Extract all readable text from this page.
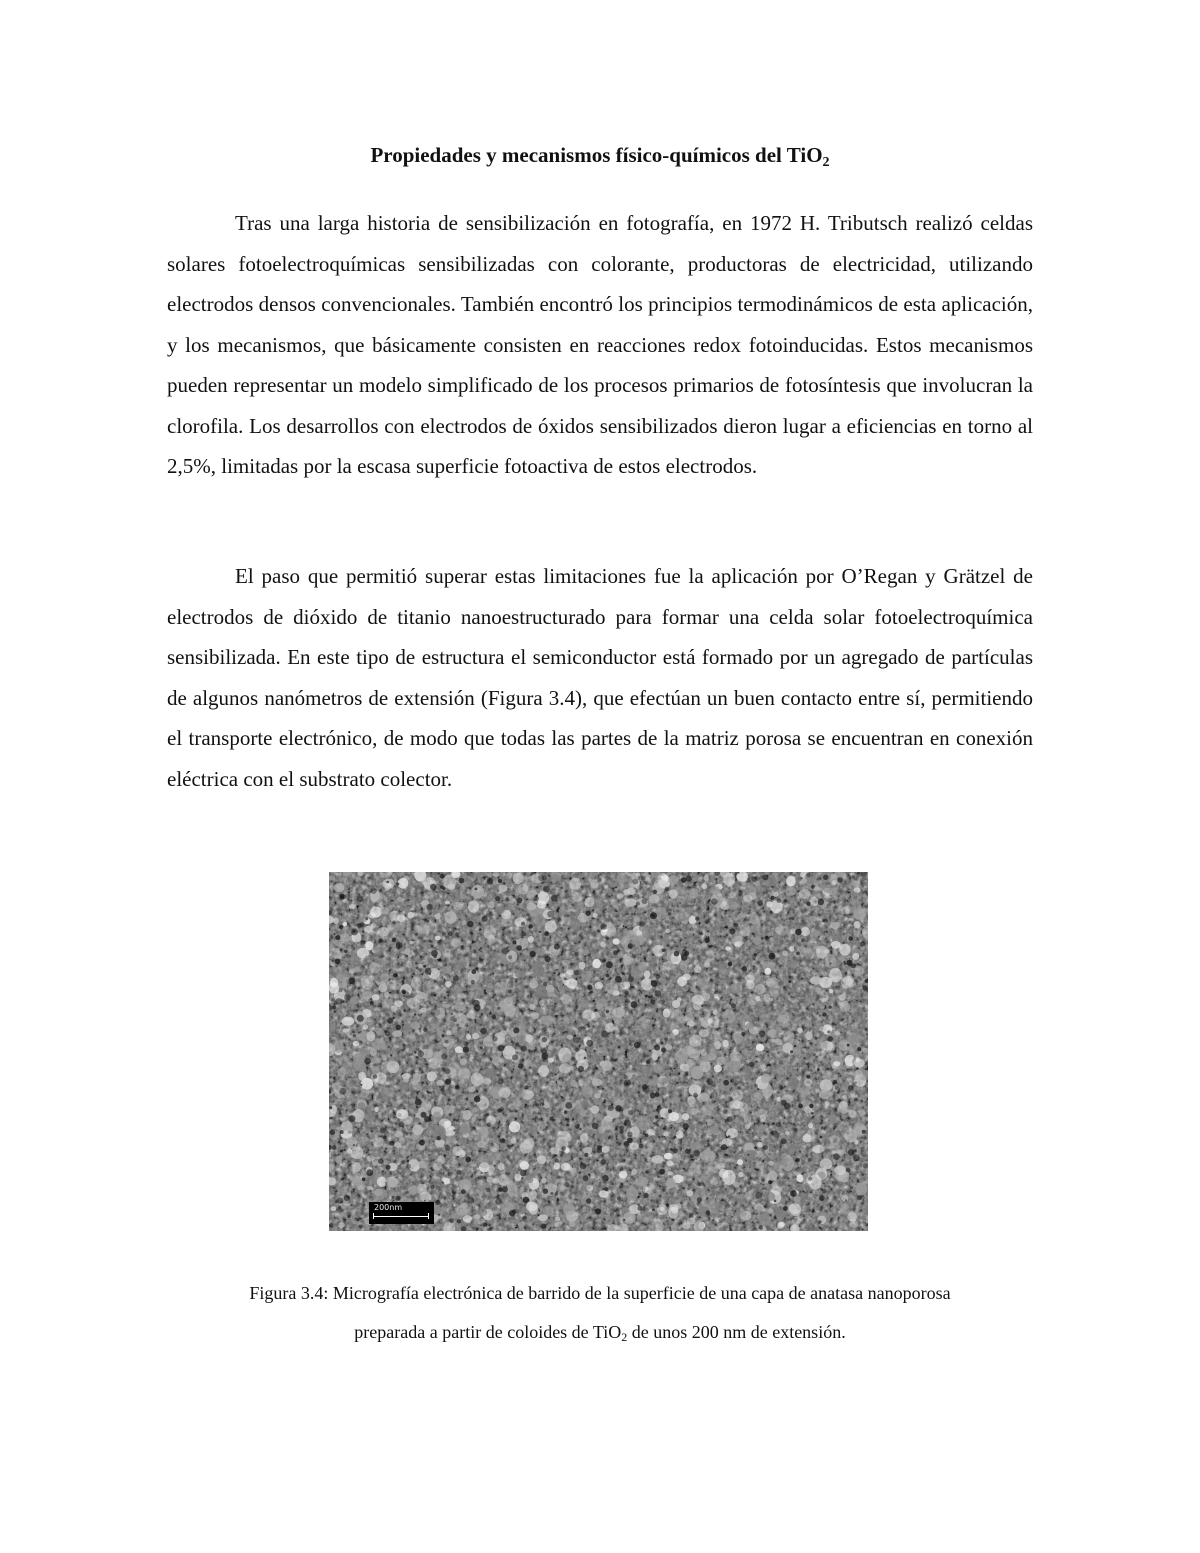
Propiedades y mecanismos físico-químicos del TiO$_2$

Tras una larga historia de sensibilización en fotografía, en 1972 H. Tributsch realizó celdas solares fotoelectroquímicas sensibilizadas con colorante, productoras de electricidad, utilizando electrodos densos convencionales. También encontró los principios termodinámicos de esta aplicación, y los mecanismos, que básicamente consisten en reacciones redox fotoinducidas. Estos mecanismos pueden representar un modelo simplificado de los procesos primarios de fotosíntesis que involucran la clorofila. Los desarrollos con electrodos de óxidos sensibilizados dieron lugar a eficiencias en torno al 2,5%, limitadas por la escasa superficie fotoactiva de estos electrodos.

El paso que permitió superar estas limitaciones fue la aplicación por O’Regan y Grätzel de electrodos de dióxido de titanio nanoestructurado para formar una celda solar fotoelectroquímica sensibilizada. En este tipo de estructura el semiconductor está formado por un agregado de partículas de algunos nanómetros de extensión (Figura 3.4), que efectúan un buen contacto entre sí, permitiendo el transporte electrónico, de modo que todas las partes de la matriz porosa se encuentran en conexión eléctrica con el substrato colector.

200nm
Figura 3.4: Micrografía electrónica de barrido de la superficie de una capa de anatasa nanoporosa
preparada a partir de coloides de TiO$_2$ de unos 200 nm de extensión.
